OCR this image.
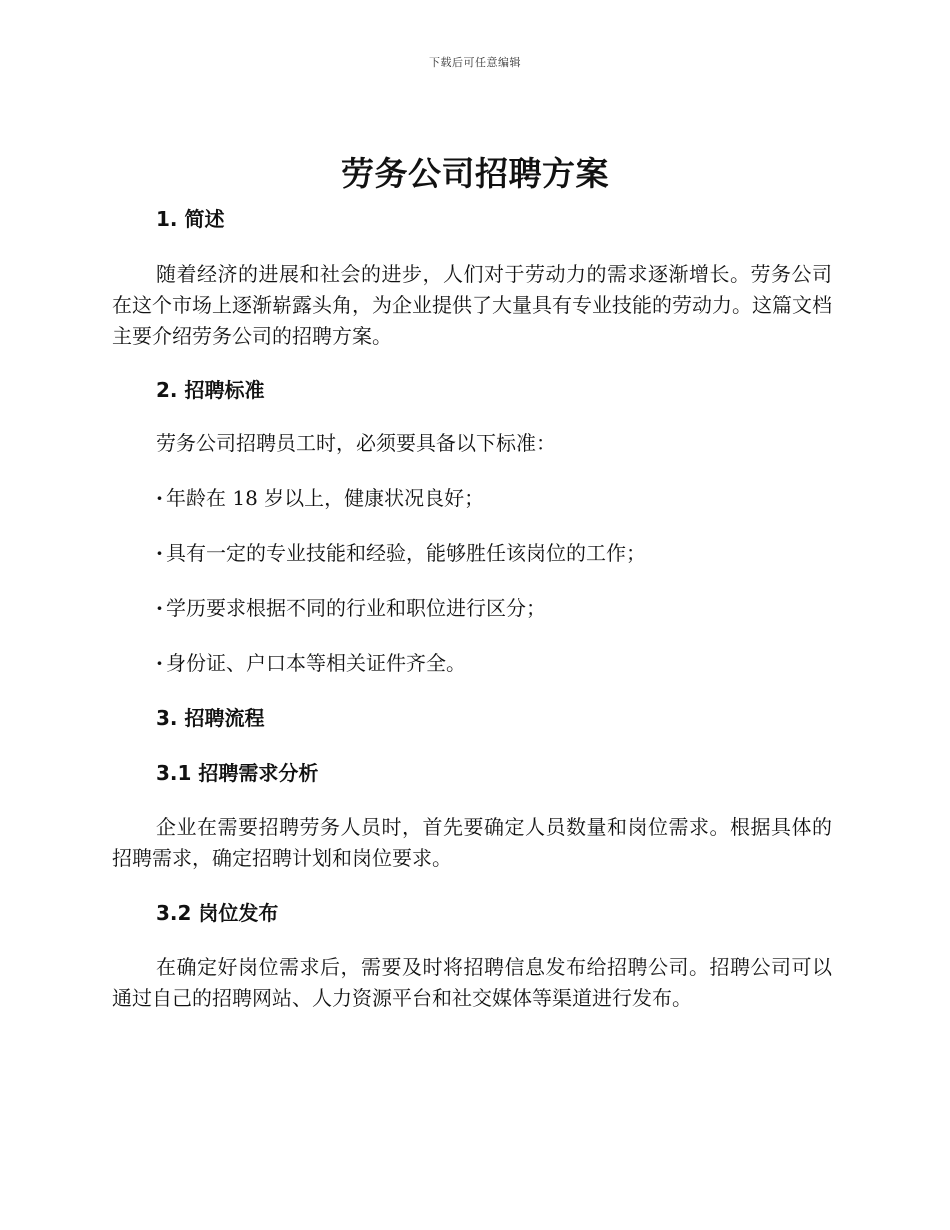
下载后可任意编辑
劳务公司招聘方案
1. 简述

随着经济的进展和社会的进步，人们对于劳动力的需求逐渐增长。劳务公司在这个市场上逐渐崭露头角，为企业提供了大量具有专业技能的劳动力。这篇文档主要介绍劳务公司的招聘方案。

2. 招聘标准

劳务公司招聘员工时，必须要具备以下标准：

· 年龄在 18 岁以上，健康状况良好；

· 具有一定的专业技能和经验，能够胜任该岗位的工作；

· 学历要求根据不同的行业和职位进行区分；

· 身份证、户口本等相关证件齐全。

3. 招聘流程
3.1 招聘需求分析

企业在需要招聘劳务人员时，首先要确定人员数量和岗位需求。根据具体的招聘需求，确定招聘计划和岗位要求。

3.2 岗位发布

在确定好岗位需求后，需要及时将招聘信息发布给招聘公司。招聘公司可以通过自己的招聘网站、人力资源平台和社交媒体等渠道进行发布。
